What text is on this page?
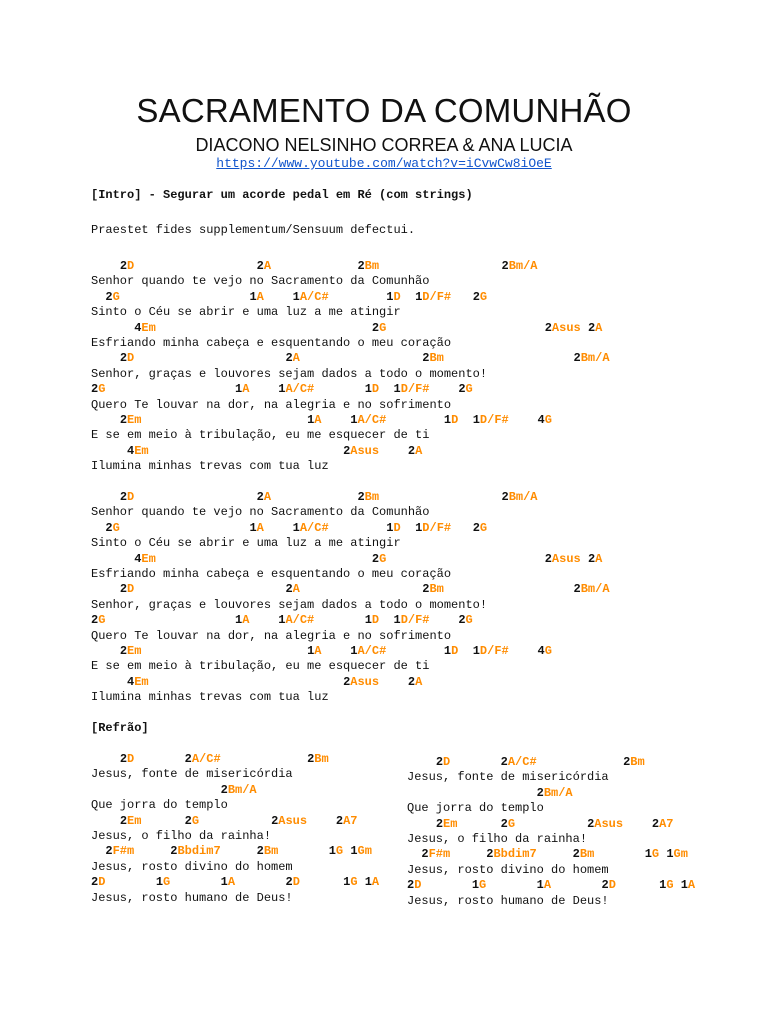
SACRAMENTO DA COMUNHÃO
DIACONO NELSINHO CORREA & ANA LUCIA
https://www.youtube.com/watch?v=iCvwCw8iOeE
[Intro] - Segurar um acorde pedal em Ré (com strings)
Praestet fides supplementum/Sensuum defectui.
2D	2A	2Bm	2Bm/A
Senhor quando te vejo no Sacramento da Comunhão
2G	1A 1A/C#	1D 1D/F# 2G
Sinto o Céu se abrir e uma luz a me atingir
4Em	2G	2Asus 2A
Esfriando minha cabeça e esquentando o meu coração
2D	2A	2Bm	2Bm/A
Senhor, graças e louvores sejam dados a todo o momento!
2G	1A 1A/C#	1D 1D/F# 2G
Quero Te louvar na dor, na alegria e no sofrimento
2Em	1A 1A/C#	1D 1D/F# 4G
E se em meio à tribulação, eu me esquecer de ti
4Em	2Asus 2A
Ilumina minhas trevas com tua luz
2D	2A	2Bm	2Bm/A
Senhor quando te vejo no Sacramento da Comunhão
2G	1A 1A/C#	1D 1D/F# 2G
Sinto o Céu se abrir e uma luz a me atingir
4Em	2G	2Asus 2A
Esfriando minha cabeça e esquentando o meu coração
2D	2A	2Bm	2Bm/A
Senhor, graças e louvores sejam dados a todo o momento!
2G	1A 1A/C#	1D 1D/F# 2G
Quero Te louvar na dor, na alegria e no sofrimento
2Em	1A 1A/C#	1D 1D/F# 4G
E se em meio à tribulação, eu me esquecer de ti
4Em	2Asus 2A
Ilumina minhas trevas com tua luz
[Refrão]
2D	2A/C#	2Bm
Jesus, fonte de misericórdia
2Bm/A
Que jorra do templo
2Em	2G	2Asus 2A7
Jesus, o filho da rainha!
2F#m	2Bbdim7	2Bm	1G 1Gm
Jesus, rosto divino do homem
2D	1G	1A	2D	1G 1A
Jesus, rosto humano de Deus!
2D	2A/C#	2Bm
Jesus, fonte de misericórdia
2Bm/A
Que jorra do templo
2Em	2G	2Asus 2A7
Jesus, o filho da rainha!
2F#m	2Bbdim7	2Bm	1G 1Gm
Jesus, rosto divino do homem
2D	1G	1A	2D	1G 1A
Jesus, rosto humano de Deus!
